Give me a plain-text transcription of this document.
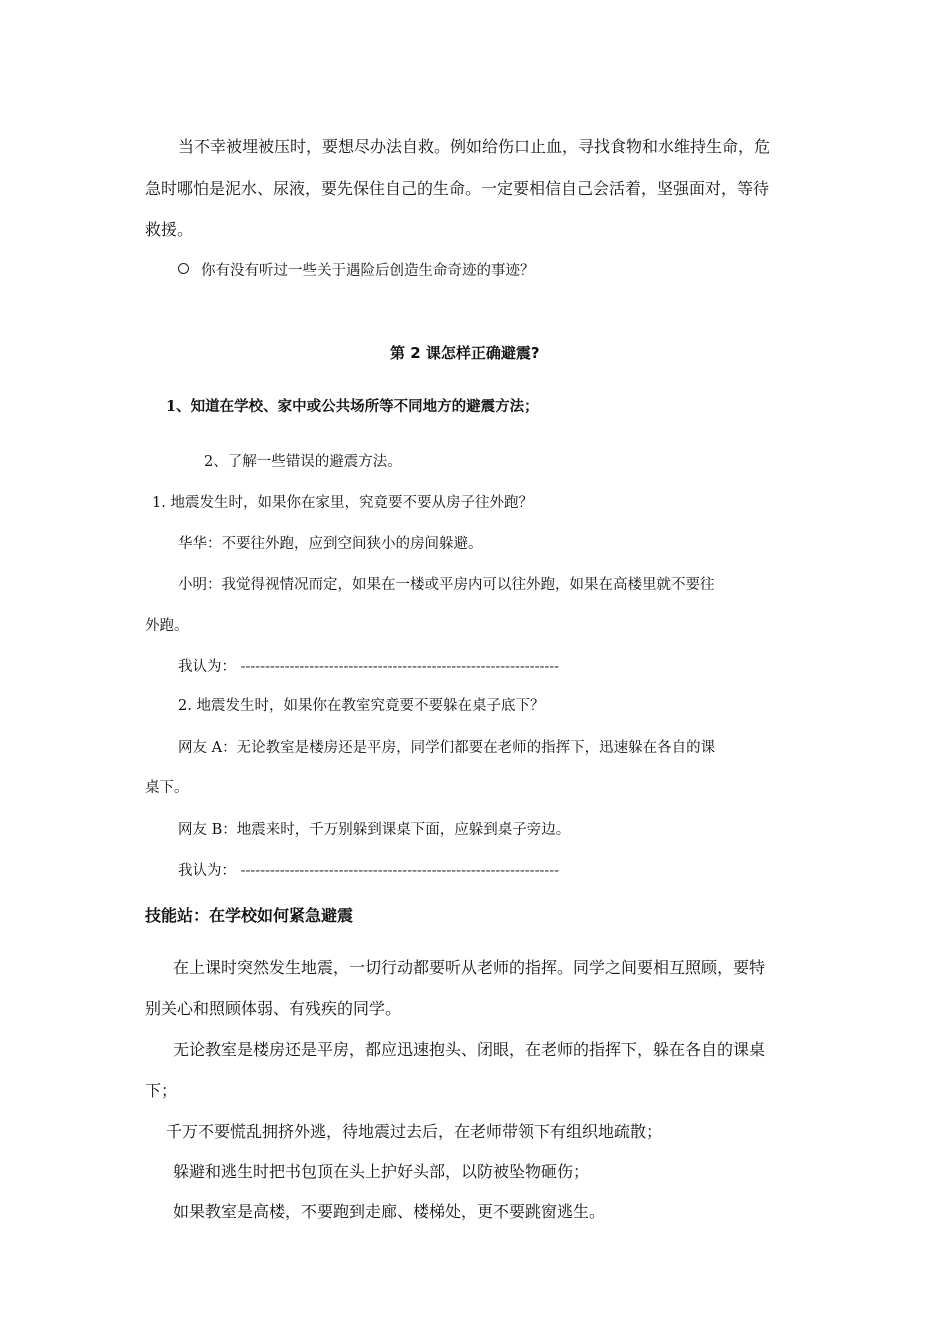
当不幸被埋被压时，要想尽办法自救。例如给伤口止血，寻找食物和水维持生命，危
急时哪怕是泥水、尿液，要先保住自己的生命。一定要相信自己会活着，坚强面对，等待
救援。
你有没有听过一些关于遇险后创造生命奇迹的事迹？
第 2 课怎样正确避震?
1、知道在学校、家中或公共场所等不同地方的避震方法；
2、了解一些错误的避震方法。
1. 地震发生时，如果你在家里，究竟要不要从房子往外跑？
华华：不要往外跑，应到空间狭小的房间躲避。
小明：我觉得视情况而定，如果在一楼或平房内可以往外跑，如果在高楼里就不要往
外跑。
我认为： -----------------------------------------------------------------
2. 地震发生时，如果你在教室究竟要不要躲在桌子底下？
网友 A：无论教室是楼房还是平房，同学们都要在老师的指挥下，迅速躲在各自的课
桌下。
网友 B：地震来时，千万别躲到课桌下面，应躲到桌子旁边。
我认为： -----------------------------------------------------------------
技能站：在学校如何紧急避震
在上课时突然发生地震，一切行动都要听从老师的指挥。同学之间要相互照顾，要特
别关心和照顾体弱、有残疾的同学。
无论教室是楼房还是平房，都应迅速抱头、闭眼，在老师的指挥下，躲在各自的课桌
下；
千万不要慌乱拥挤外逃，待地震过去后，在老师带领下有组织地疏散；
躲避和逃生时把书包顶在头上护好头部，以防被坠物砸伤；
如果教室是高楼，不要跑到走廊、楼梯处，更不要跳窗逃生。
